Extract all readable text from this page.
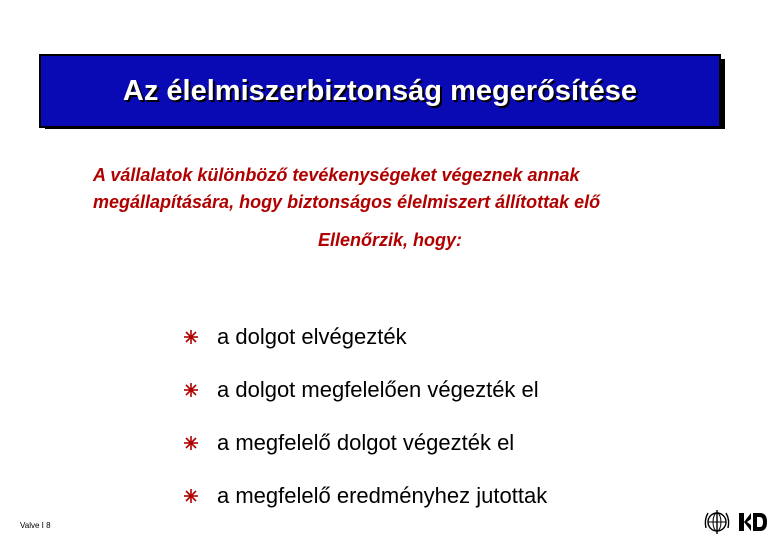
Az élelmiszerbiztonság megerősítése
A vállalatok különböző tevékenységeket végeznek annak
megállapítására, hogy biztonságos élelmiszert állítottak elő
Ellenőrzik, hogy:
a dolgot elvégezték
a dolgot megfelelően végezték el
a megfelelő dolgot végezték el
a megfelelő eredményhez jutottak
Valve I 8
